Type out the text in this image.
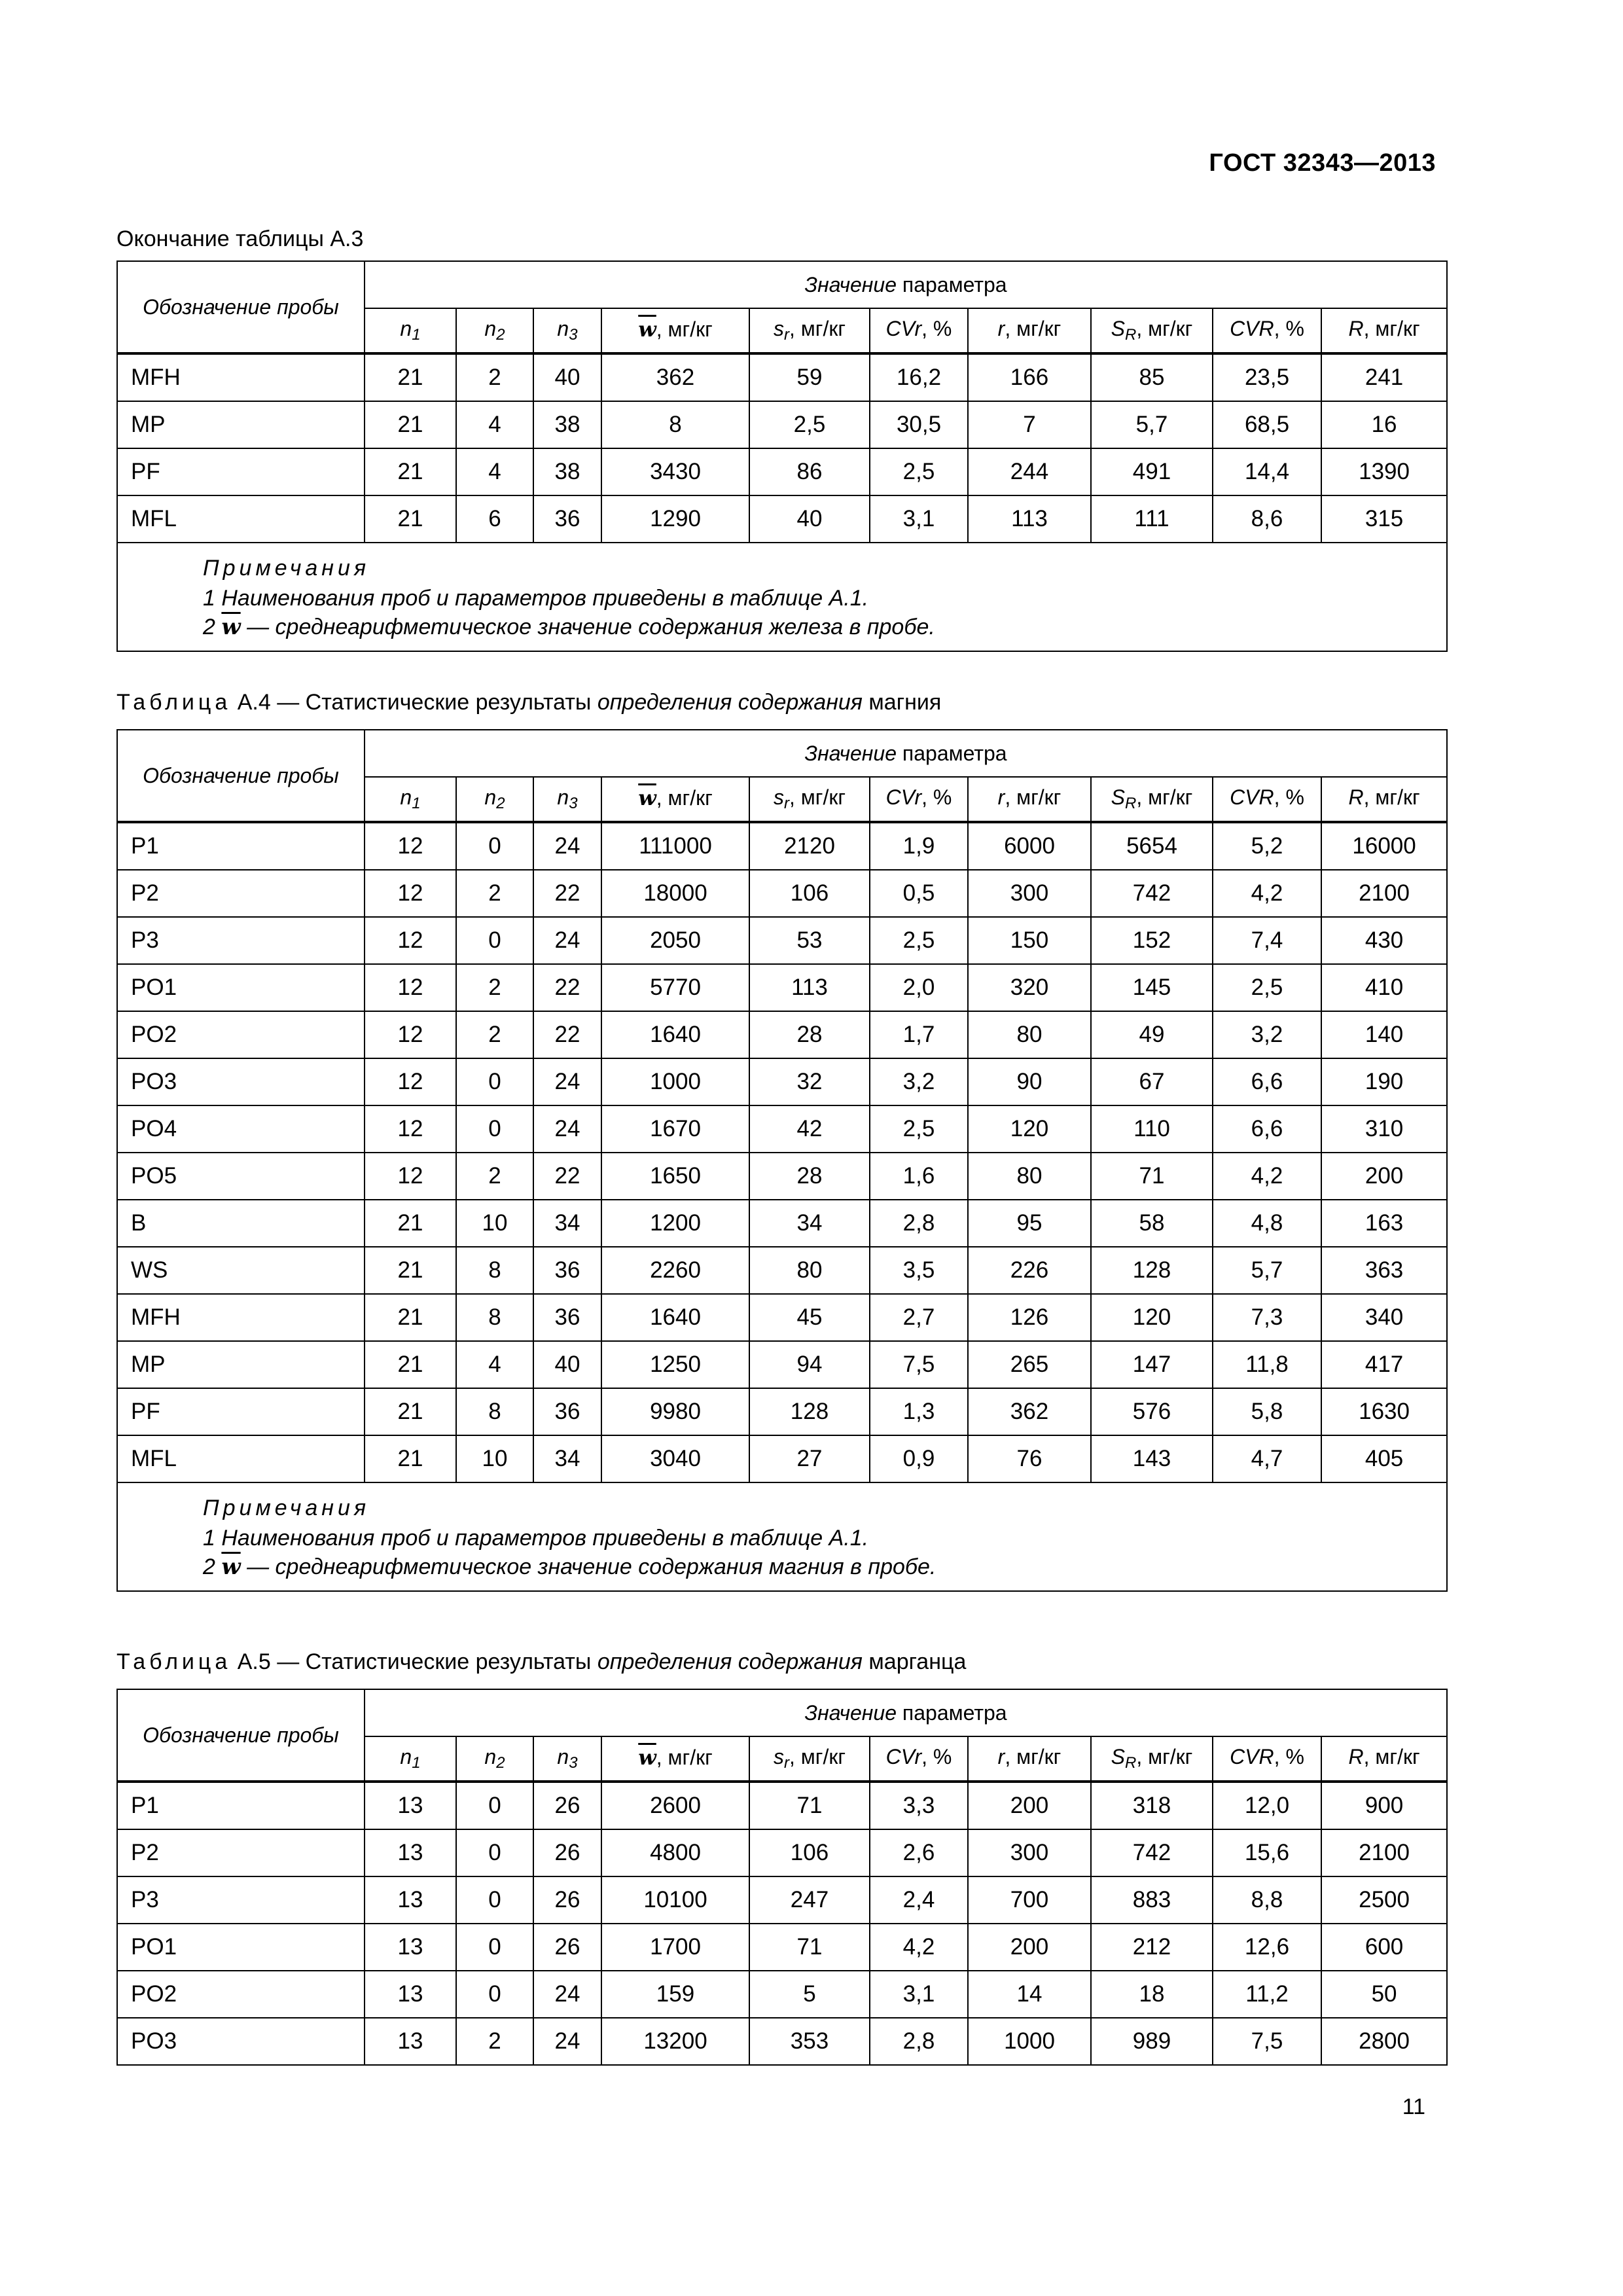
ГОСТ 32343—2013
Окончание таблицы А.3
Обозначение пробы	Значение параметра									
	$n_1$	$n_2$	$n_3$	$\overline{w}$, мг/кг	$s_r$, мг/кг	CVr, %	r, мг/кг	$S_R$, мг/кг	CVR, %	R, мг/кг
MFH	21	2	40	362	59	16,2	166	85	23,5	241
MP	21	4	38	8	2,5	30,5	7	5,7	68,5	16
PF	21	4	38	3430	86	2,5	244	491	14,4	1390
MFL	21	6	36	1290	40	3,1	113	111	8,6	315

Примечания
1 Наименования проб и параметров приведены в таблице А.1.
2 $\overline{w}$ — среднеарифметическое значение содержания железа в пробе.										
Таблица А.4 — Статистические результаты определения содержания магния
Обозначение пробы	Значение параметра									
	$n_1$	$n_2$	$n_3$	$\overline{w}$, мг/кг	$s_r$, мг/кг	CVr, %	r, мг/кг	$S_R$, мг/кг	CVR, %	R, мг/кг
P1	12	0	24	111000	2120	1,9	6000	5654	5,2	16000
P2	12	2	22	18000	106	0,5	300	742	4,2	2100
P3	12	0	24	2050	53	2,5	150	152	7,4	430
PO1	12	2	22	5770	113	2,0	320	145	2,5	410
PO2	12	2	22	1640	28	1,7	80	49	3,2	140
PO3	12	0	24	1000	32	3,2	90	67	6,6	190
PO4	12	0	24	1670	42	2,5	120	110	6,6	310
PO5	12	2	22	1650	28	1,6	80	71	4,2	200
B	21	10	34	1200	34	2,8	95	58	4,8	163
WS	21	8	36	2260	80	3,5	226	128	5,7	363
MFH	21	8	36	1640	45	2,7	126	120	7,3	340
MP	21	4	40	1250	94	7,5	265	147	11,8	417
PF	21	8	36	9980	128	1,3	362	576	5,8	1630
MFL	21	10	34	3040	27	0,9	76	143	4,7	405

Примечания
1 Наименования проб и параметров приведены в таблице А.1.
2 $\overline{w}$ — среднеарифметическое значение содержания магния в пробе.										
Таблица А.5 — Статистические результаты определения содержания марганца
Обозначение пробы	Значение параметра									
	$n_1$	$n_2$	$n_3$	$\overline{w}$, мг/кг	$s_r$, мг/кг	CVr, %	r, мг/кг	$S_R$, мг/кг	CVR, %	R, мг/кг
P1	13	0	26	2600	71	3,3	200	318	12,0	900
P2	13	0	26	4800	106	2,6	300	742	15,6	2100
P3	13	0	26	10100	247	2,4	700	883	8,8	2500
PO1	13	0	26	1700	71	4,2	200	212	12,6	600
PO2	13	0	24	159	5	3,1	14	18	11,2	50
PO3	13	2	24	13200	353	2,8	1000	989	7,5	2800
11
